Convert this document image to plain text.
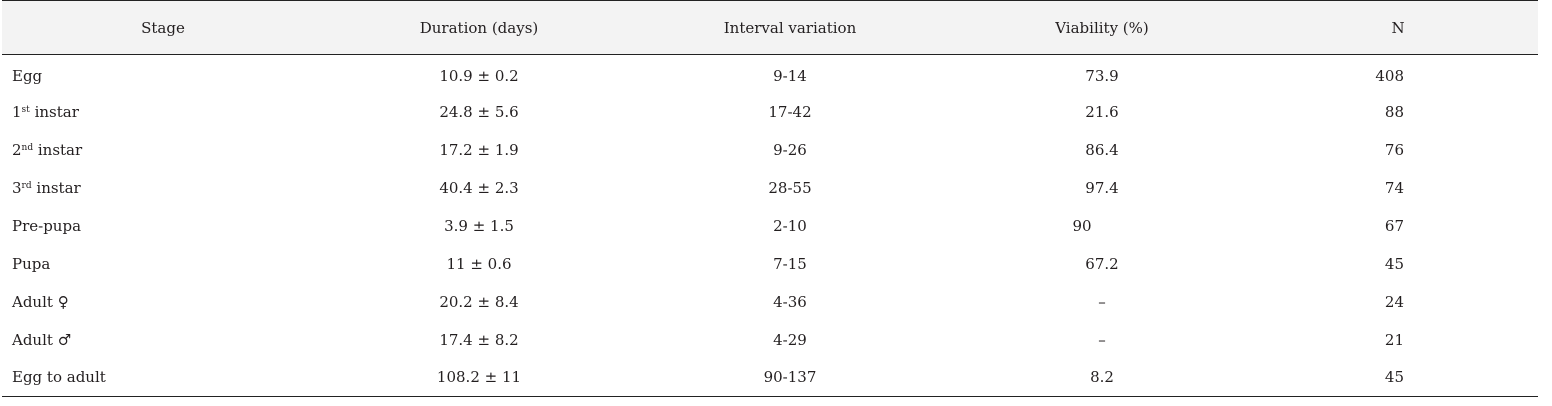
Stage	Duration (days)	Interval variation	Viability (%)	N
Egg	10.9 ± 0.2	9-14	73.9	408
1st instar	24.8 ± 5.6	17-42	21.6	88
2nd instar	17.2 ± 1.9	9-26	86.4	76
3rd instar	40.4 ± 2.3	28-55	97.4	74
Pre-pupa	3.9 ± 1.5	2-10	90	67
Pupa	11 ± 0.6	7-15	67.2	45
Adult ♀	20.2 ± 8.4	4-36	–	24
Adult ♂	17.4 ± 8.2	4-29	–	21
Egg to adult	108.2 ± 11	90-137	8.2	45
